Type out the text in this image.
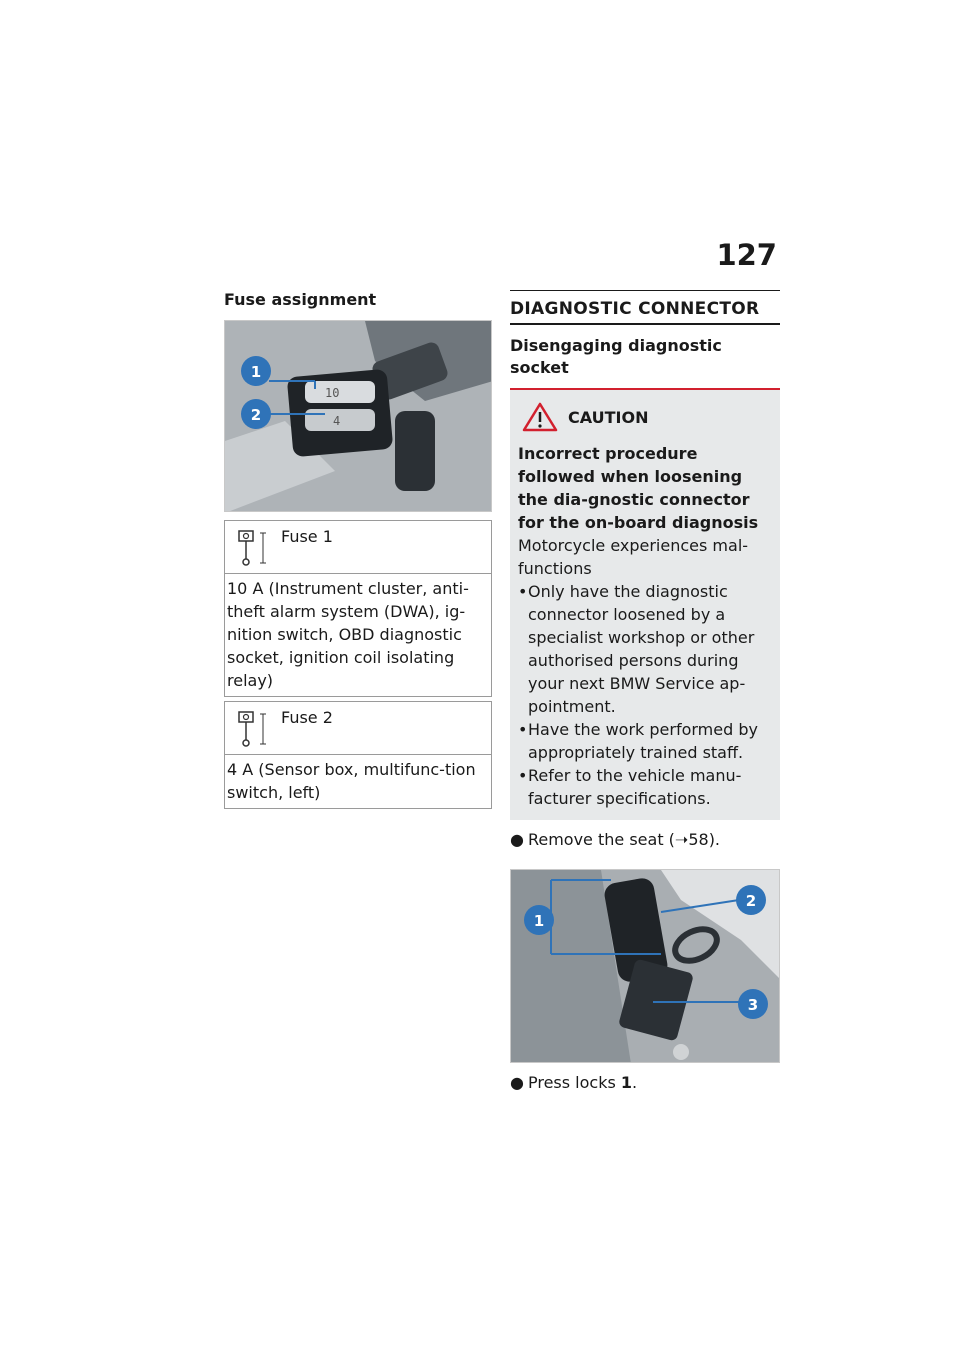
127
Fuse assignment
10
4
1
2
Fuse 1
10 A (Instrument cluster, anti-theft alarm system (DWA), ig-nition switch, OBD diagnostic socket, ignition coil isolating relay)
Fuse 2
4 A (Sensor box, multifunc-tion switch, left)
DIAGNOSTIC CONNECTOR
Disengaging diagnostic socket
CAUTION
Incorrect procedure followed when loosening the dia-gnostic connector for the on-board diagnosis
Motorcycle experiences mal-functions
• Only have the diagnostic connector loosened by a specialist workshop or other authorised persons during your next BMW Service ap-pointment.
• Have the work performed by appropriately trained staff.
• Refer to the vehicle manu-facturer specifications.
● Remove the seat (➝58).
1
2
3
● Press locks 1.
